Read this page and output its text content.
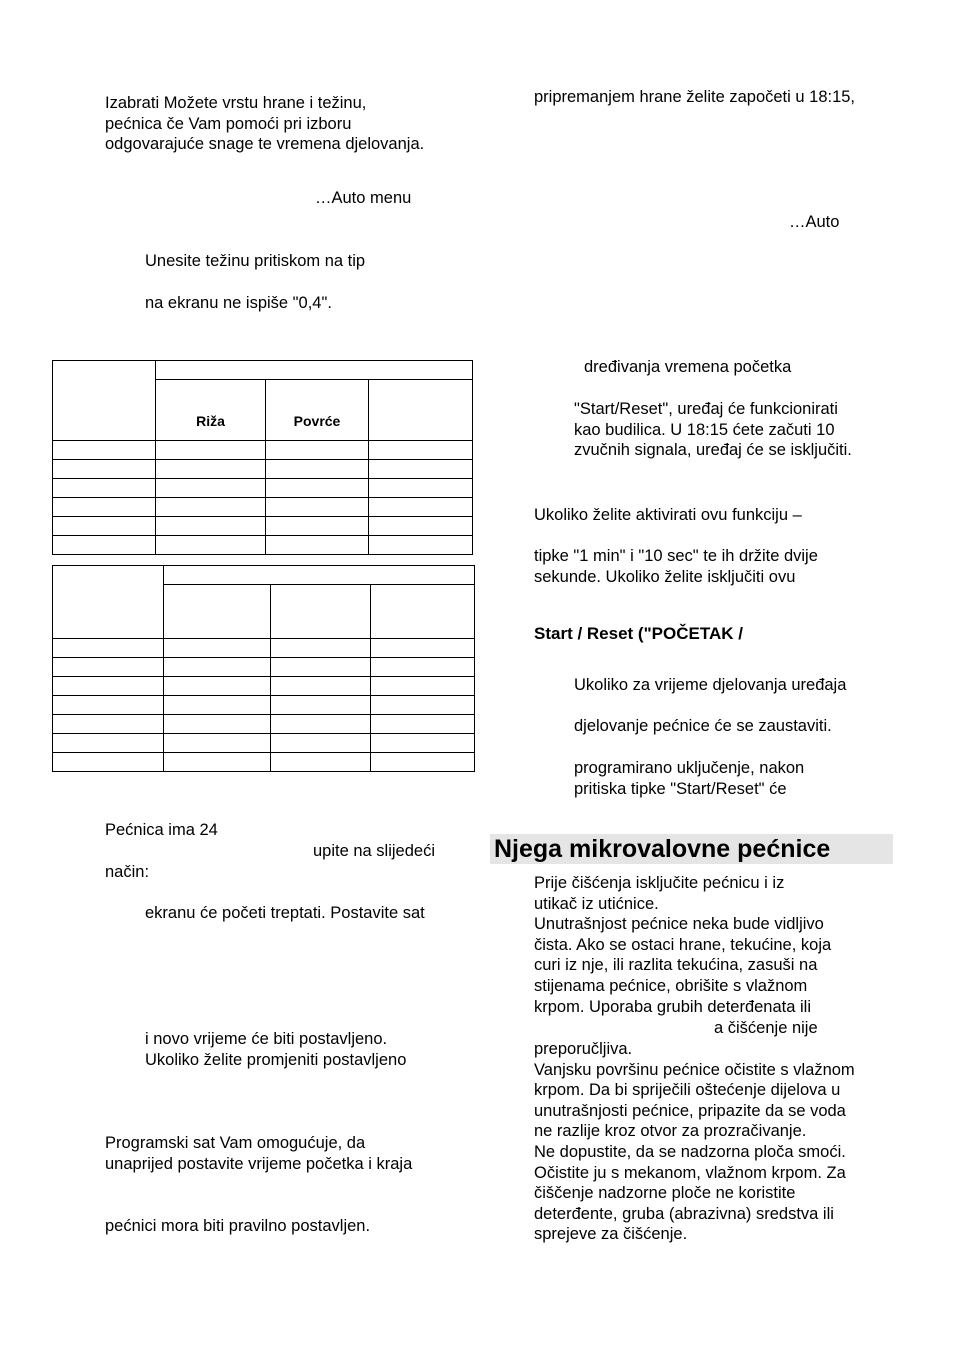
Izabrati Možete vrstu hrane i težinu,
pećnica če Vam pomoći pri izboru
odgovarajuće snage te vremena djelovanja.
…Auto menu
Unesite težinu pritiskom na tip
na ekranu ne ispiše "0,4".

	Riža	Povrće	

Pećnica ima 24
upite na slijedeći
način:
ekranu će početi treptati. Postavite sat
i novo vrijeme će biti postavljeno.
Ukoliko želite promjeniti postavljeno
Programski sat Vam omogućuje, da
unaprijed postavite vrijeme početka i kraja
pećnici mora biti pravilno postavljen.
pripremanjem hrane želite započeti u 18:15,
…Auto
dređivanja vremena početka
"Start/Reset", uređaj će funkcionirati
kao budilica. U 18:15 ćete začuti 10
zvučnih signala, uređaj će se isključiti.
Ukoliko želite aktivirati ovu funkciju –
tipke "1 min" i "10 sec" te ih držite dvije
sekunde. Ukoliko želite isključiti ovu
Start / Reset ("POČETAK /
Ukoliko za vrijeme djelovanja uređaja
djelovanje pećnice će se zaustaviti.
programirano uključenje, nakon
pritiska tipke "Start/Reset" će
Njega mikrovalovne pećnice
Prije čišćenja isključite pećnicu i iz
utikač iz utićnice.
Unutrašnjost pećnice neka bude vidljivo
čista. Ako se ostaci hrane, tekućine, koja
curi iz nje, ili razlita tekućina, zasuši na
stijenama pećnice, obrišite s vlažnom
krpom. Uporaba grubih deterđenata ili
a čišćenje nije
preporučljiva.
Vanjsku površinu pećnice očistite s vlažnom
krpom. Da bi spriječili oštećenje dijelova u
unutrašnjosti pećnice, pripazite da se voda
ne razlije kroz otvor za prozračivanje.
Ne dopustite, da se nadzorna ploča smoći.
Očistite ju s mekanom, vlažnom krpom. Za
čiščenje nadzorne ploče ne koristite
deterđente, gruba (abrazivna) sredstva ili
sprejeve za čišćenje.
